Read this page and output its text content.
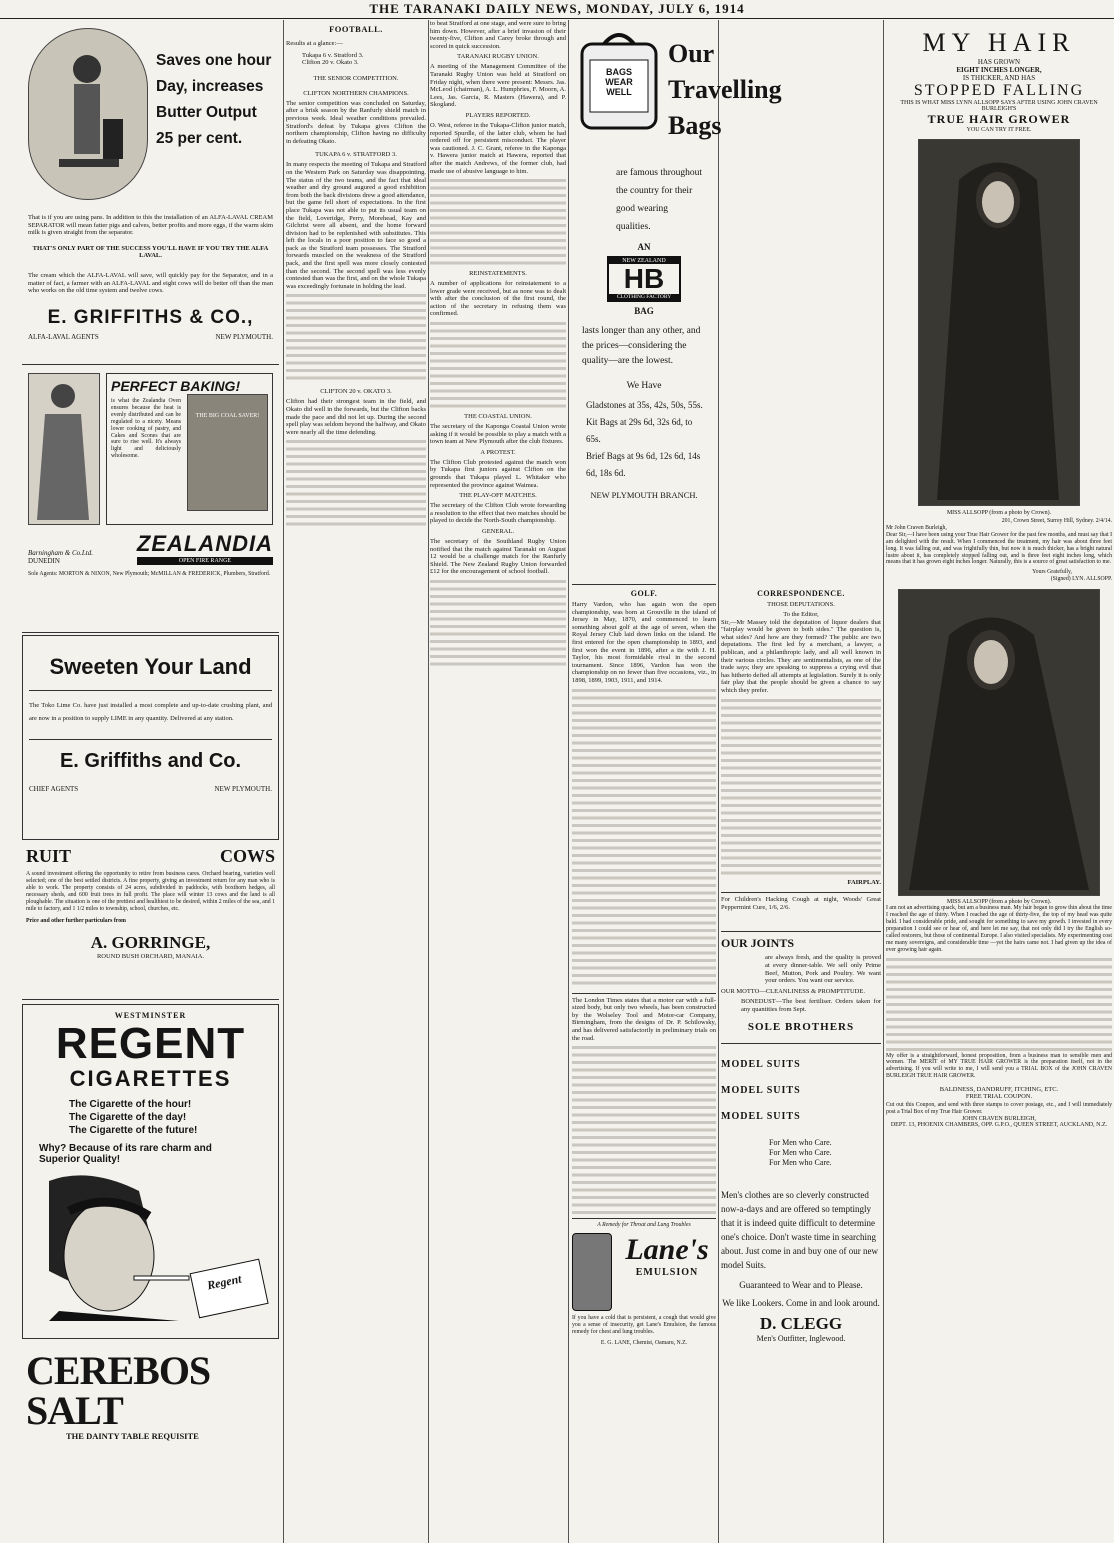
THE TARANAKI DAILY NEWS, MONDAY, JULY 6, 1914
Saves one hour Day, increases Butter Output 25 per cent.
That is if you are using pans. In addition to this the installation of an ALFA-LAVAL CREAM SEPARATOR will mean fatter pigs and calves, better profits and more eggs, if the warm skim milk is given straight from the separator.
THAT'S ONLY PART OF THE SUCCESS YOU'LL HAVE IF YOU TRY THE ALFA LAVAL.
The cream which the ALFA-LAVAL will save, will quickly pay for the Separator, and in a matter of fact, a farmer with an ALFA-LAVAL and eight cows will do better off than the man who works on the old time system and twelve cows.
E. GRIFFITHS & CO.,
ALFA-LAVAL AGENTS	NEW PLYMOUTH.
PERFECT BAKING!
is what the Zealandia Oven ensures because the heat is evenly distributed and can be regulated to a nicety. Means lower cooking of pastry, and Cakes and Scones that are sure to rise well. It's always light and deliciously wholesome.
THE BIG COAL SAVER!
Barningham & Co.Ltd.
DUNEDIN
ZEALANDIA
OPEN FIRE RANGE
Sole Agents: MORTON & NIXON, New Plymouth; McMILLAN & FREDERICK, Plumbers, Stratford.
Sweeten Your Land
The Toko Lime Co. have just installed a most complete and up-to-date crushing plant, and are now in a position to supply LIME in any quantity. Delivered at any station.
E. Griffiths and Co.
CHIEF AGENTS	NEW PLYMOUTH.
RUIT	COWS
A sound investment offering the opportunity to retire from business cares. Orchard bearing, varieties well selected; one of the best settled districts. A fine property, giving an investment return for any man who is able to work. The property consists of 24 acres, subdivided in paddocks, with boxthorn hedges, all necessary sheds, and 600 fruit trees in full profit. The place will winter 13 cows and the land is all ploughable. The situation is one of the prettiest and healthiest to be desired, within 2 miles of the sea, and 1 mile to factory, and 1 1/2 miles to township, school, churches, etc.
Price and other further particulars from
A. GORRINGE,
ROUND BUSH ORCHARD, MANAIA.
WESTMINSTER
REGENT
CIGARETTES
The Cigarette of the hour!
The Cigarette of the day!
The Cigarette of the future!
Why? Because of its rare charm and Superior Quality!
Regent
CEREBOS SALT
THE DAINTY TABLE REQUISITE
FOOTBALL.
Results at a glance:—
Tukapa 6 v. Stratford 3.
Clifton 20 v. Okato 3.
THE SENIOR COMPETITION.
CLIFTON NORTHERN CHAMPIONS.
The senior competition was concluded on Saturday, after a brisk season by the Ranfurly shield match in previous week. Ideal weather conditions prevailed. Stratford's defeat by Tukapa gives Clifton the northern championship, Clifton having no difficulty in defeating Okato.
TUKAPA 6 v. STRATFORD 3.
In many respects the meeting of Tukapa and Stratford on the Western Park on Saturday was disappointing. The status of the two teams, and the fact that ideal weather and dry ground augured a good exhibition from both the back divisions drew a good attendance, but the game fell short of expectations. In the first place Tukapa was not able to put its usual team on the field, Loveridge, Perry, Morehead, Kay and Gilchrist were all absent, and the home forward division had to be replenished with substitutes. This left the locals in a poor position to face so good a pack as the Stratford team possesses. The Stratford forwards muscled on the weakness of the Stratford pack, and the first spell was more closely contested than the second. The second spell was less evenly contested than was the first, and on the whole Tukapa was exceedingly fortunate in holding the lead.
CLIFTON 20 v. OKATO 3.
Clifton had their strongest team in the field, and Okato did well in the forwards, but the Clifton backs made the pace and did not let up. During the second spell play was seldom beyond the halfway, and Okato were nearly all the time defending.
to beat Stratford at one stage, and were sure to bring him down. However, after a brief invasion of their twenty-five, Clifton and Carey broke through and scored in quick succession.
TARANAKI RUGBY UNION.
A meeting of the Management Committee of the Taranaki Rugby Union was held at Stratford on Friday night, when there were present: Messrs. Jas. McLeod (chairman), A. L. Humphries, F. Moorn, A. Lees, Jas. Garcia, R. Masters (Hawera), and P. Skogland.
PLAYERS REPORTED.
O. West, referee in the Tukapa-Clifton junior match, reported Spurdle, of the latter club, whom he had ordered off for persistent misconduct. The player was cautioned. J. C. Grant, referee in the Kaponga v. Hawera junior match at Hawera, reported that after the match Andrews, of the former club, had made use of abusive language to him.
REINSTATEMENTS.
A number of applications for reinstatement to a lower grade were received, but as none was to dealt with after the conclusion of the first round, the action of the secretary in refusing them was confirmed.
THE COASTAL UNION.
The secretary of the Kaponga Coastal Union wrote asking if it would be possible to play a match with a town team at New Plymouth after the club fixtures.
A PROTEST.
The Clifton Club protested against the match won by Tukapa first juniors against Clifton on the grounds that Tukapa played L. Whitaker who represented the province against Waimea.
THE PLAY-OFF MATCHES.
The secretary of the Clifton Club wrote forwarding a resolution to the effect that two matches should be played to decide the North-South championship.
GENERAL.
The secretary of the Southland Rugby Union notified that the match against Taranaki on August 12 would be a challenge match for the Ranfurly Shield. The New Zealand Rugby Union forwarded £12 for the encouragement of school football.
BAGS
WEAR
WELL
Our Travelling Bags
are famous throughout the country for their good wearing qualities.
AN
NEW ZEALAND
HB
CLOTHING FACTORY
BAG
lasts longer than any other, and the prices—considering the quality—are the lowest.
We Have
Gladstones at 35s, 42s, 50s, 55s.
Kit Bags at 29s 6d, 32s 6d, to 65s.
Brief Bags at 9s 6d, 12s 6d, 14s 6d, 18s 6d.
NEW PLYMOUTH BRANCH.
GOLF.
Harry Vardon, who has again won the open championship, was born at Grouville in the island of Jersey in May, 1870, and commenced to learn something about golf at the age of seven, when the Royal Jersey Club laid down links on the island. He first entered for the open championship in 1893, and first won the event in 1896, after a tie with J. H. Taylor, his most formidable rival in the second tournament. Since 1896, Vardon has won the championship on no fewer than five occasions, viz., in 1898, 1899, 1903, 1911, and 1914.
The London Times states that a motor car with a full-sized body, but only two wheels, has been constructed by the Wolseley Tool and Motor-car Company, Birmingham, from the designs of Dr. P. Schilowsky, and has delivered satisfactorily in preliminary trials on the road.
A Remedy for Throat and Lung Troubles
Lane's
EMULSION
If you have a cold that is persistent, a cough that would give you a sense of insecurity, get Lane's Emulsion, the famous remedy for chest and lung troubles.
E. G. LANE, Chemist, Oamaru, N.Z.
CORRESPONDENCE.
THOSE DEPUTATIONS.
To the Editor,
Sir,—Mr Massey told the deputation of liquor dealers that "fairplay would be given to both sides." The question is, what sides? And how are they formed? The public are two deputations. The first led by a merchant, a lawyer, a publican, and a philanthropic lady, and all well known in their various circles. They are sentimentalists, as one of the trade says; they are speaking to suppress a crying evil that has hitherto defied all attempts at legislation. Surely it is only fair play that the people should be given a chance to say which they prefer.
FAIRPLAY.
For Children's Hacking Cough at night, Woods' Great Peppermint Cure, 1/6, 2/6.
OUR JOINTS
are always fresh, and the quality is proved at every dinner-table. We sell only Prime Beef, Mutton, Pork and Poultry. We want your orders. You want our service.
OUR MOTTO—CLEANLINESS & PROMPTITUDE.
BONEDUST—The best fertiliser. Orders taken for any quantities from Sept.
SOLE BROTHERS
MODEL SUITS
MODEL SUITS
MODEL SUITS
For Men who Care.
For Men who Care.
For Men who Care.
Men's clothes are so cleverly constructed now-a-days and are offered so temptingly that it is indeed quite difficult to determine one's choice. Don't waste time in searching about. Just come in and buy one of our new model Suits.
Guaranteed to Wear and to Please.
We like Lookers. Come in and look around.
D. CLEGG
Men's Outfitter, Inglewood.
MY HAIR
HAS GROWN
EIGHT INCHES LONGER,
IS THICKER, AND HAS
STOPPED FALLING
THIS IS WHAT MISS LYNN ALLSOPP SAYS AFTER USING JOHN CRAVEN BURLEIGH'S
TRUE HAIR GROWER
YOU CAN TRY IT FREE.
MISS ALLSOPP (from a photo by Crown).
201, Crown Street, Surrey Hill, Sydney. 2/4/14.
Mr John Craven Burleigh,
Dear Sir,—I have been using your True Hair Grower for the past few months, and must say that I am delighted with the result. When I commenced the treatment, my hair was about three feet long. It was falling out, and was frightfully thin, but now it is much thicker, has a bright natural lustre about it, has completely stopped falling out, and is three feet eight inches long, which means that it has grown eight inches longer. Naturally, this is a source of great satisfaction to me.
Yours Gratefully,
(Signed) LYN. ALLSOPP.
MISS ALLSOPP (from a photo by Crown).
I am not an advertising quack, but am a business man. My hair began to grow thin about the time I reached the age of thirty. When I reached the age of thirty-five, the top of my head was quite bald. I had considerable pride, and sought for something to save my growth. I invested in every preparation I could see or hear of, and here let me say, that not only did I try the English so-called restorers, but those of continental Europe. I also visited specialists. My experimenting cost me many sovereigns, and considerable time —yet the hairs came not. I had given up the idea of ever growing hair again.
My offer is a straightforward, honest proposition, from a business man to sensible men and women. The MERIT of MY TRUE HAIR GROWER is the preparation itself, not in the advertising. If you will write to me, I will send you a TRIAL BOX of the JOHN CRAVEN BURLEIGH TRUE HAIR GROWER.
BALDNESS, DANDRUFF, ITCHING, ETC.
FREE TRIAL COUPON.
Cut out this Coupon, and send with three stamps to cover postage, etc., and I will immediately post a Trial Box of my True Hair Grower.
JOHN CRAVEN BURLEIGH,
DEPT. 13, PHOENIX CHAMBERS, OPP. G.P.O., QUEEN STREET, AUCKLAND, N.Z.
